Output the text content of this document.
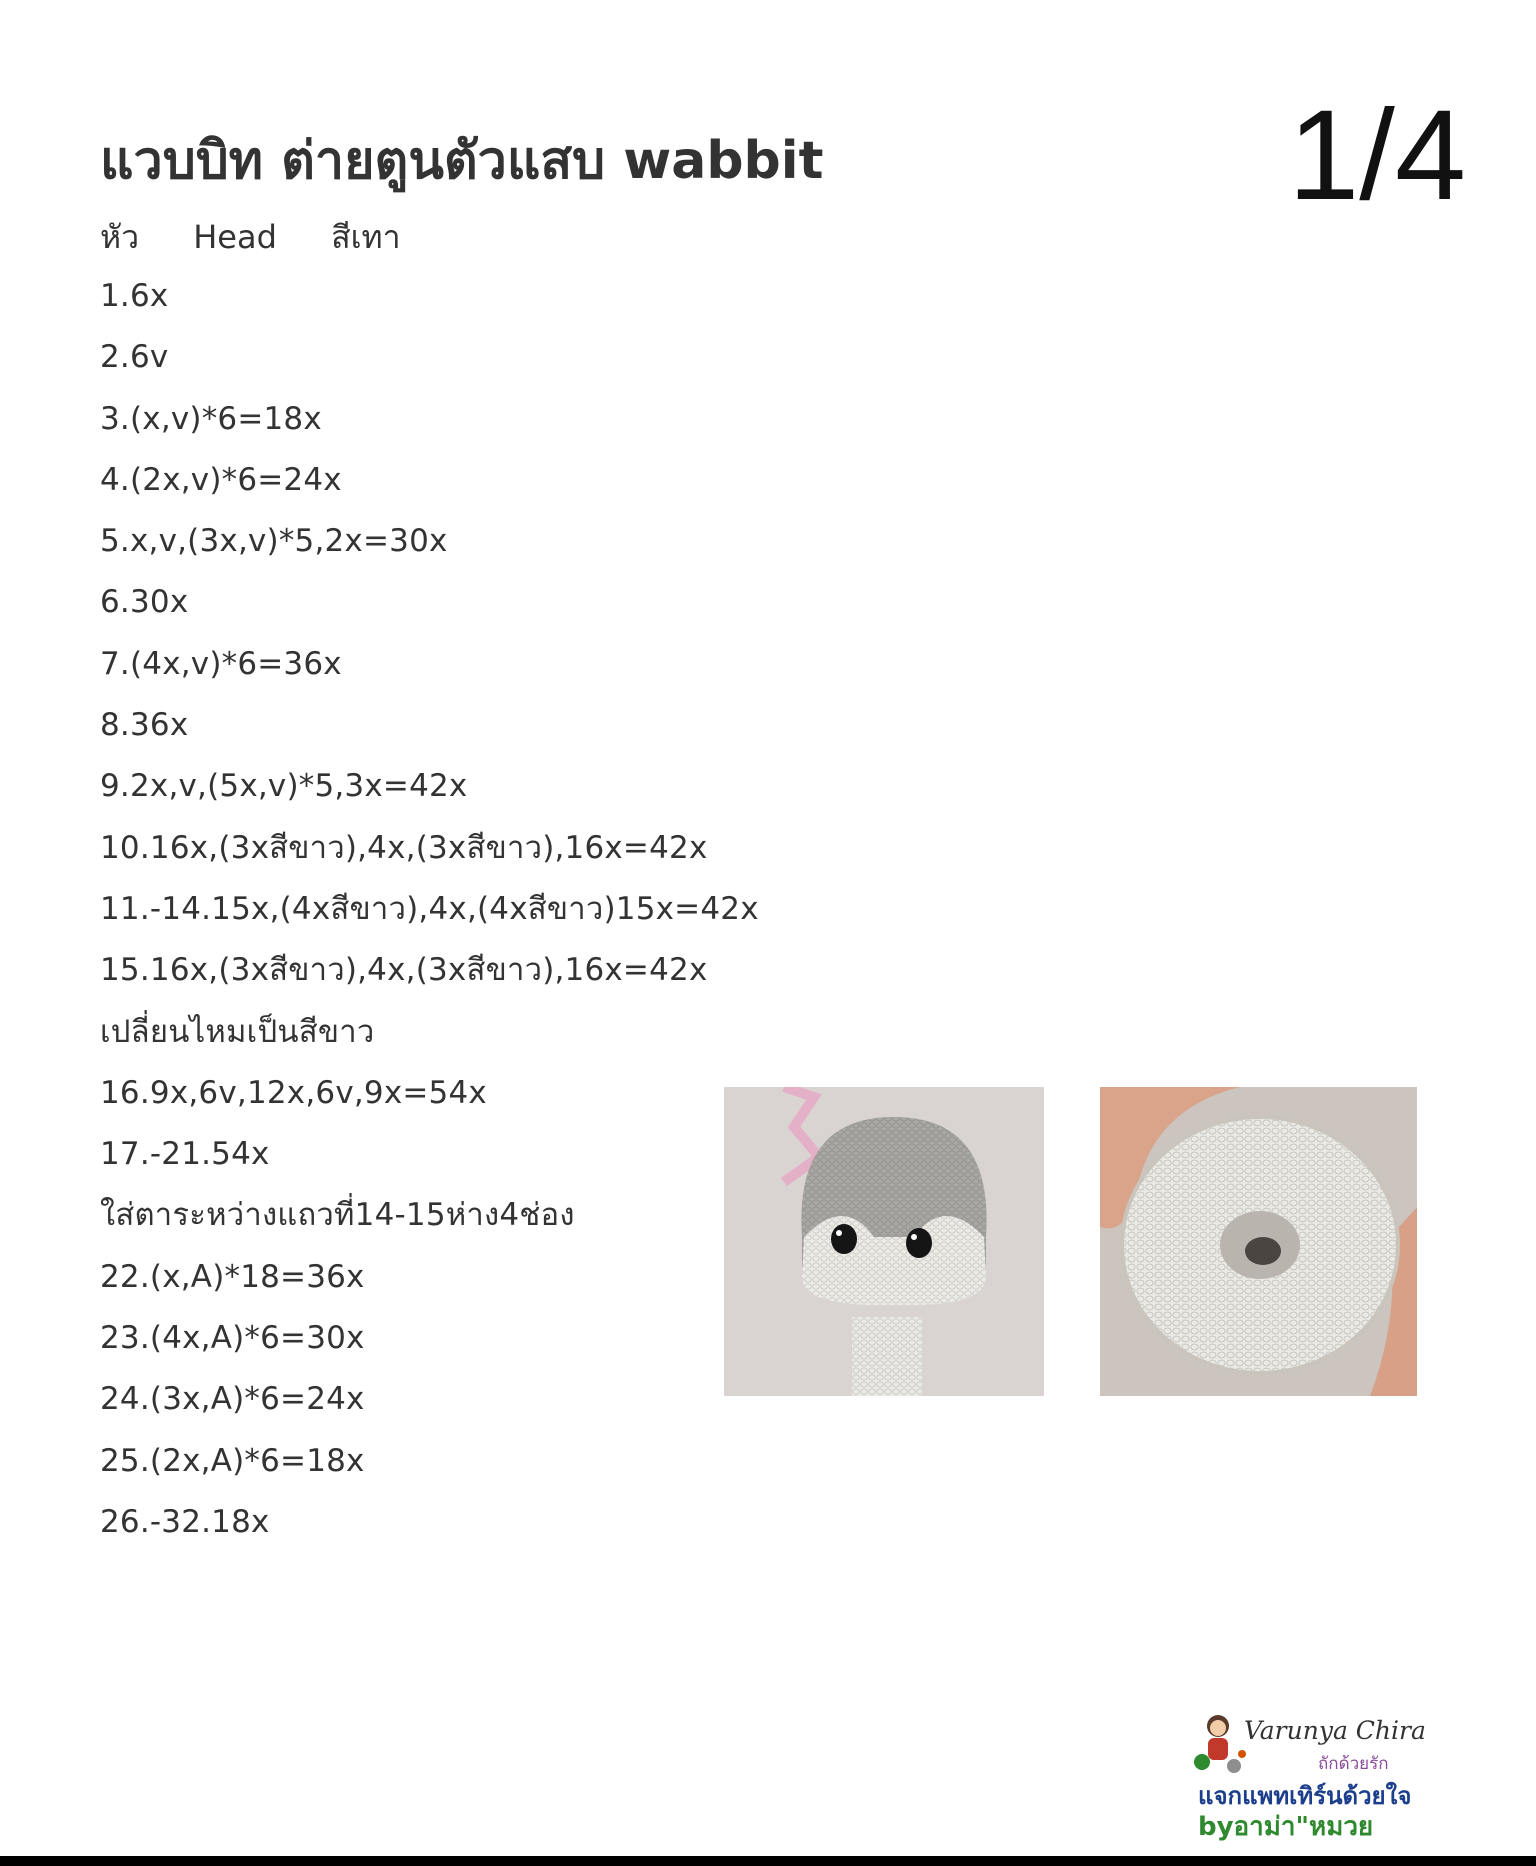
แวบบิท ต่ายตูนตัวแสบ wabbit	1/4
หัว Head สีเทา
1.6x
2.6v
3.(x,v)*6=18x
4.(2x,v)*6=24x
5.x,v,(3x,v)*5,2x=30x
6.30x
7.(4x,v)*6=36x
8.36x
9.2x,v,(5x,v)*5,3x=42x
10.16x,(3xสีขาว),4x,(3xสีขาว),16x=42x
11.-14.15x,(4xสีขาว),4x,(4xสีขาว)15x=42x
15.16x,(3xสีขาว),4x,(3xสีขาว),16x=42x
เปลี่ยนไหมเป็นสีขาว
16.9x,6v,12x,6v,9x=54x
17.-21.54x
ใส่ตาระหว่างแถวที่14-15ห่าง4ช่อง
22.(x,A)*18=36x
23.(4x,A)*6=30x
24.(3x,A)*6=24x
25.(2x,A)*6=18x
26.-32.18x
Varunya Chira
ถักด้วยรัก
แจกแพทเทิร์นด้วยใจ
byอาม่า"หมวย
